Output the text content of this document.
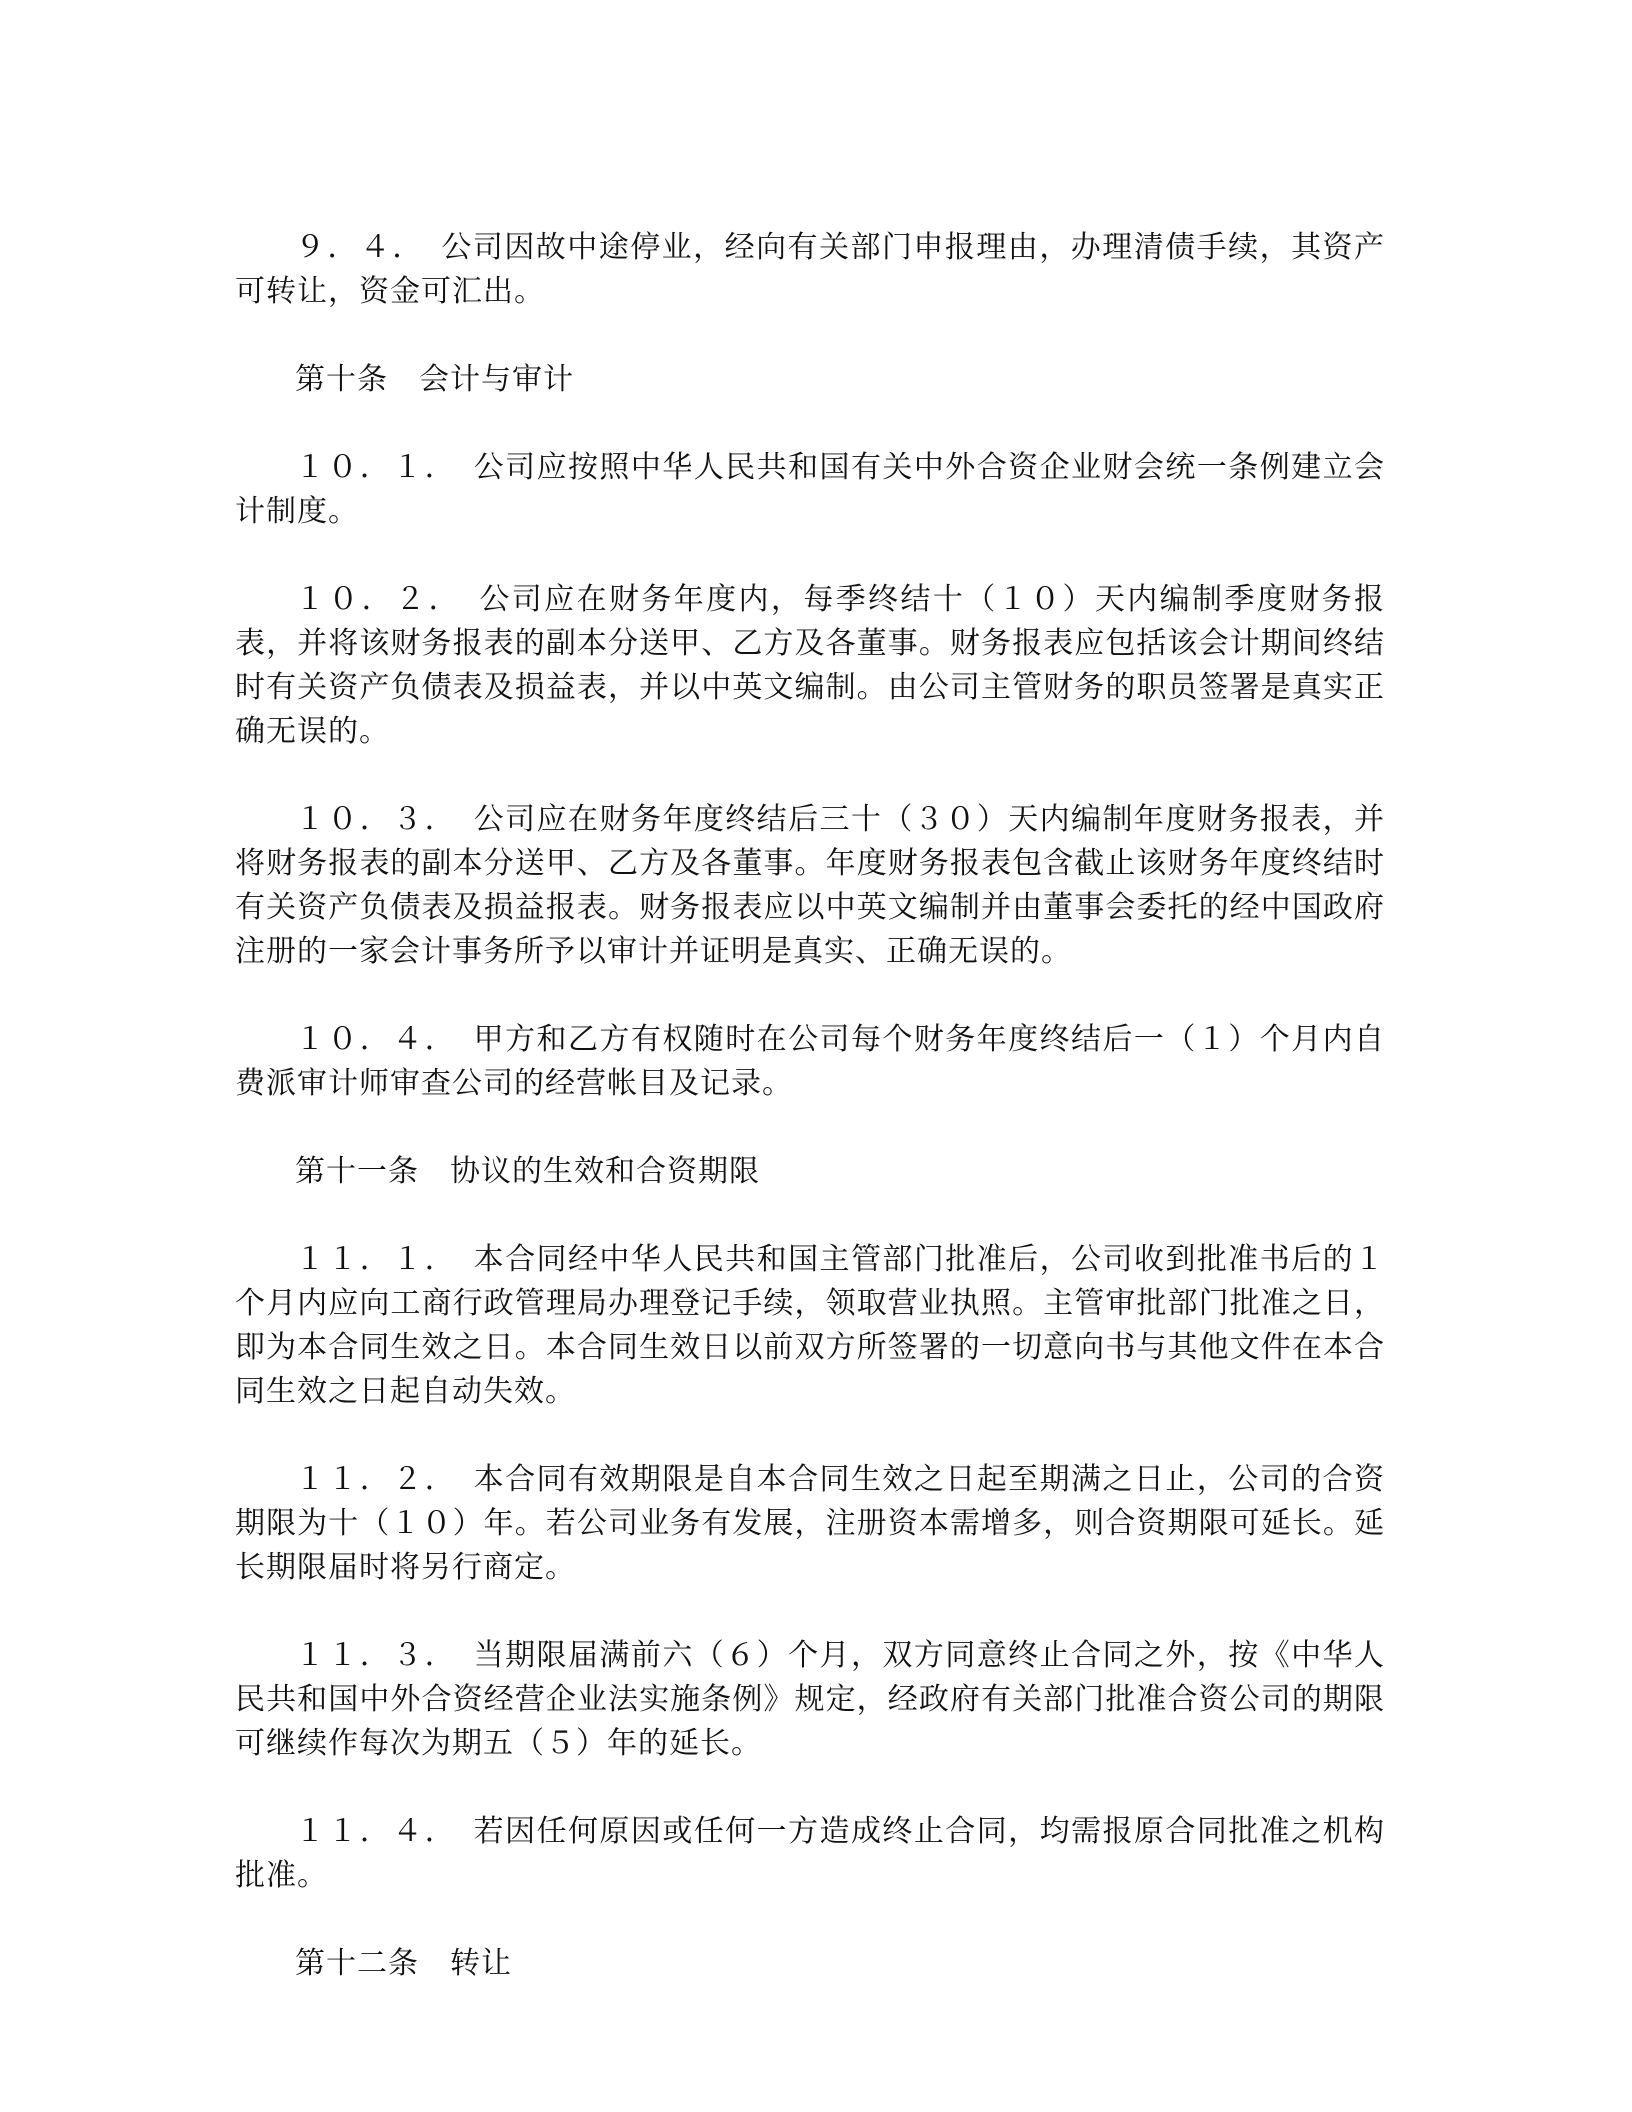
９．４．　 公司因故中途停业，经向有关部门申报理由，办理清债手续，其资产可转让，资金可汇出。

第十条　会计与审计

１０．１．　 公司应按照中华人民共和国有关中外合资企业财会统一条例建立会计制度。

１０．２．　 公司应在财务年度内，每季终结十（１０）天内编制季度财务报表，并将该财务报表的副本分送甲、乙方及各董事。财务报表应包括该会计期间终结时有关资产负债表及损益表，并以中英文编制。由公司主管财务的职员签署是真实正确无误的。

１０．３．　 公司应在财务年度终结后三十（３０）天内编制年度财务报表，并将财务报表的副本分送甲、乙方及各董事。年度财务报表包含截止该财务年度终结时有关资产负债表及损益报表。财务报表应以中英文编制并由董事会委托的经中国政府注册的一家会计事务所予以审计并证明是真实、正确无误的。

１０．４．　 甲方和乙方有权随时在公司每个财务年度终结后一（１）个月内自费派审计师审查公司的经营帐目及记录。

第十一条　协议的生效和合资期限

１１．１．　 本合同经中华人民共和国主管部门批准后，公司收到批准书后的１个月内应向工商行政管理局办理登记手续，领取营业执照。主管审批部门批准之日，即为本合同生效之日。本合同生效日以前双方所签署的一切意向书与其他文件在本合同生效之日起自动失效。

１１．２．　 本合同有效期限是自本合同生效之日起至期满之日止，公司的合资期限为十（１０）年。若公司业务有发展，注册资本需增多，则合资期限可延长。延长期限届时将另行商定。

１１．３．　 当期限届满前六（６）个月，双方同意终止合同之外，按《中华人民共和国中外合资经营企业法实施条例》规定，经政府有关部门批准合资公司的期限可继续作每次为期五（５）年的延长。

１１．４．　 若因任何原因或任何一方造成终止合同，均需报原合同批准之机构批准。

第十二条　转让
